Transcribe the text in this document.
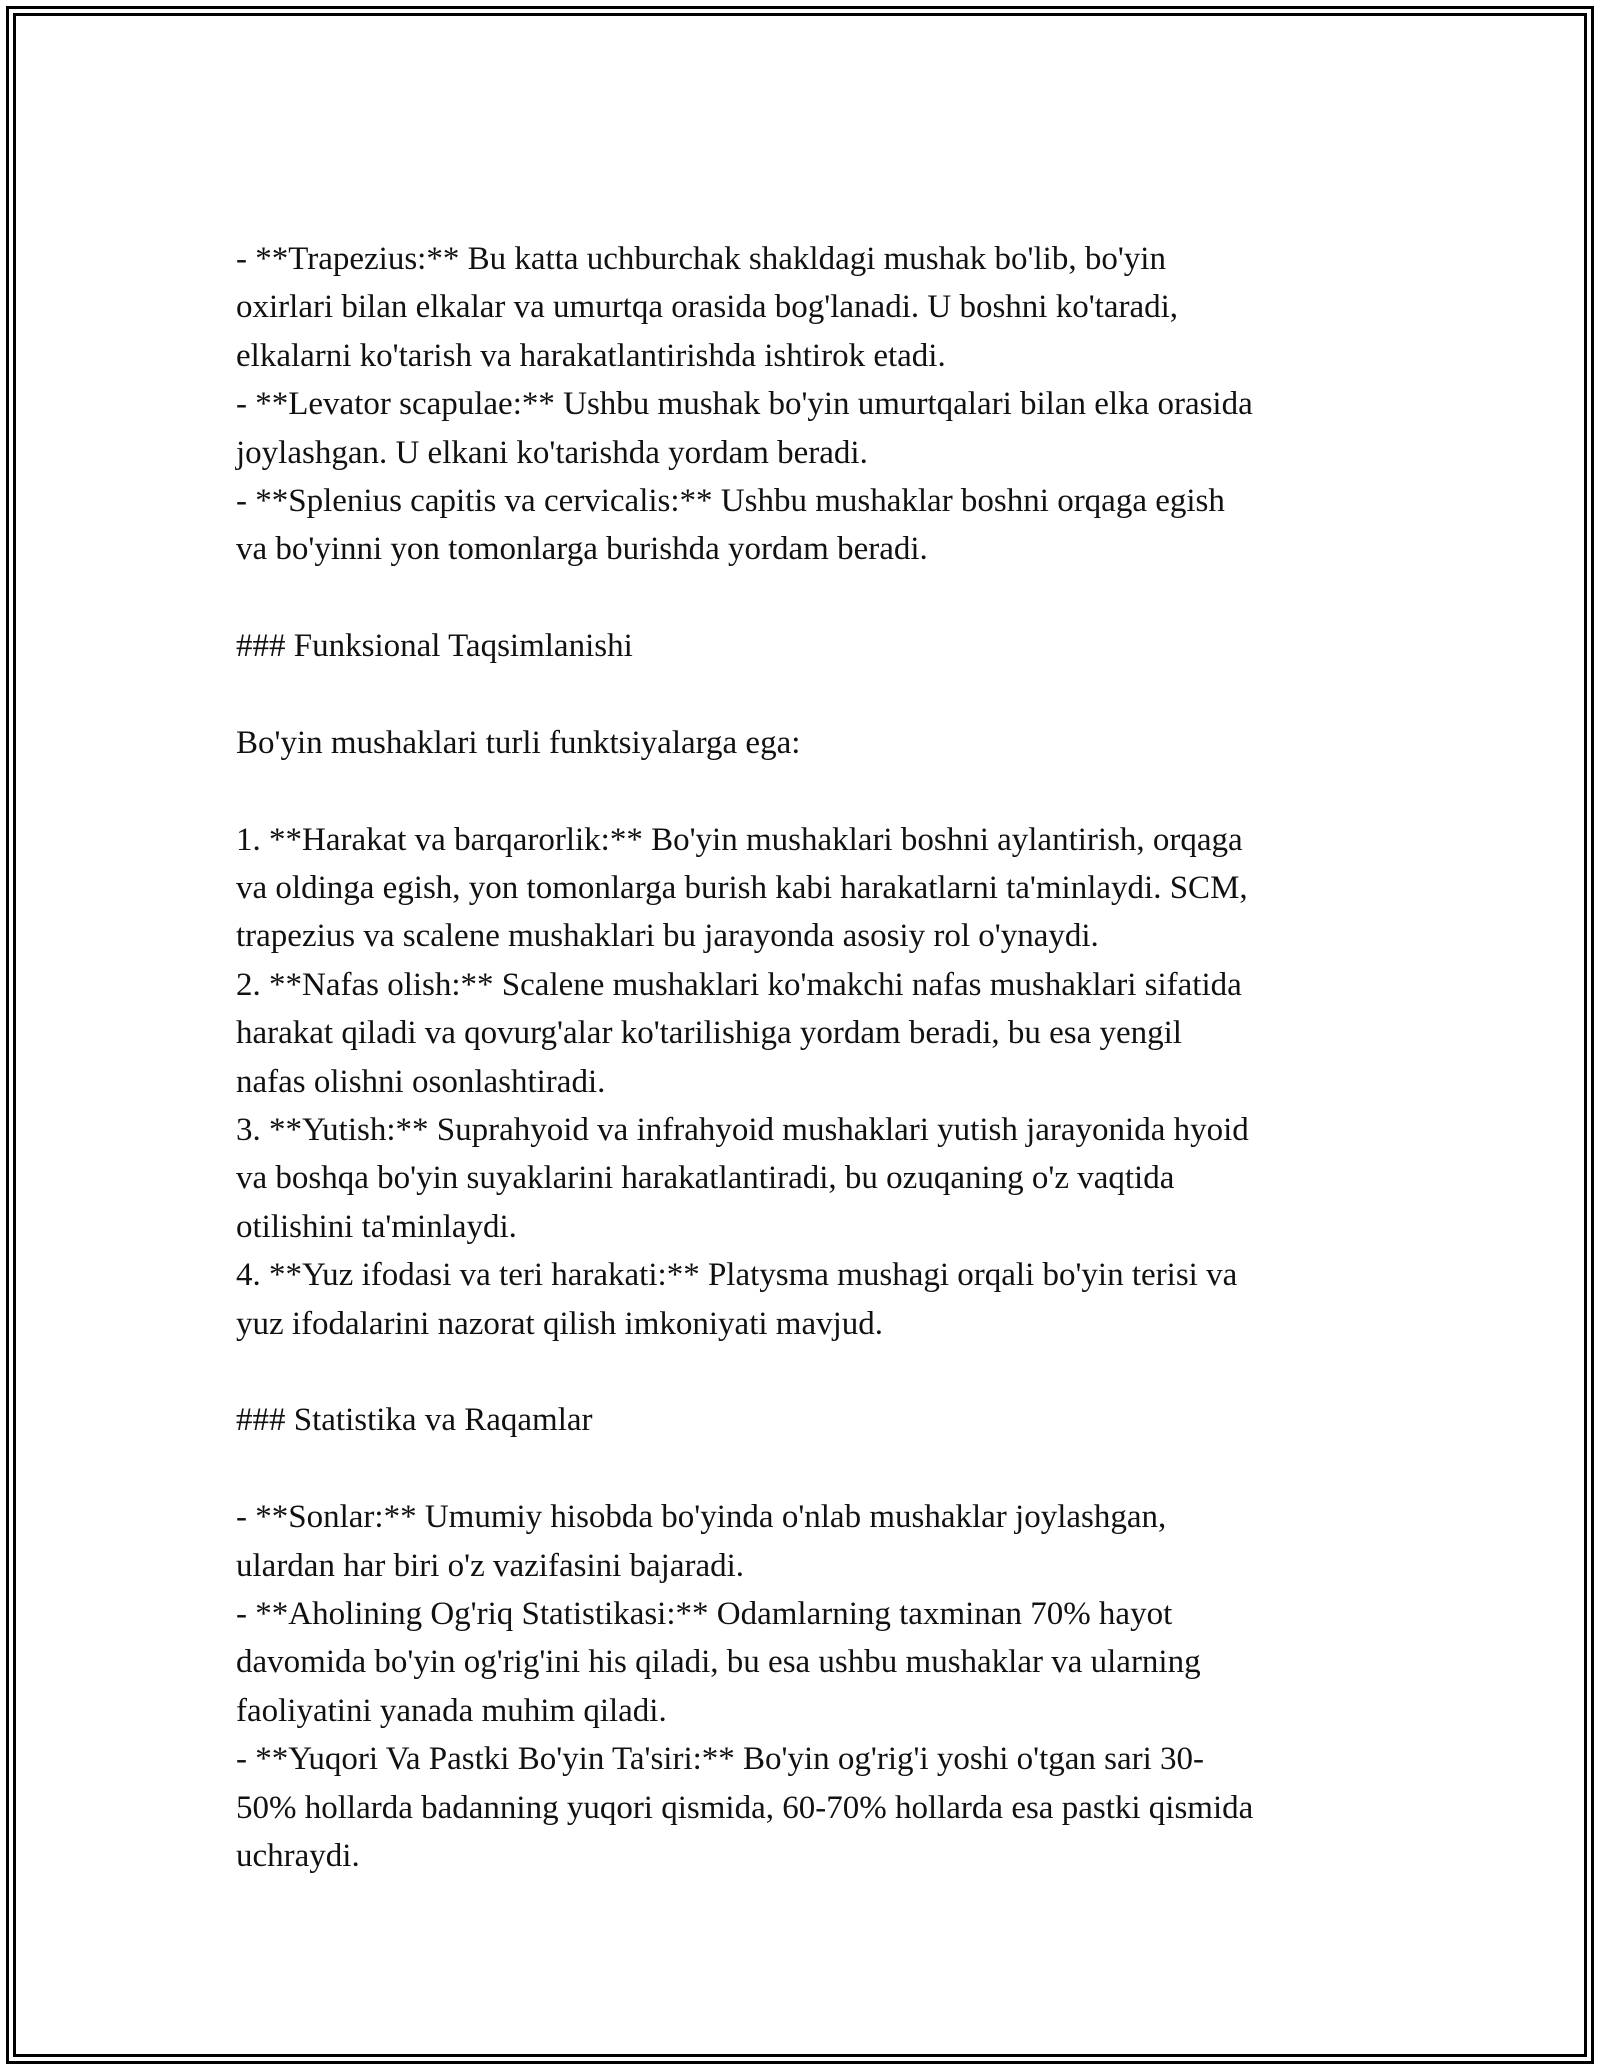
- **Trapezius:** Bu katta uchburchak shakldagi mushak bo'lib, bo'yin
oxirlari bilan elkalar va umurtqa orasida bog'lanadi. U boshni ko'taradi,
elkalarni ko'tarish va harakatlantirishda ishtirok etadi.
- **Levator scapulae:** Ushbu mushak bo'yin umurtqalari bilan elka orasida
joylashgan. U elkani ko'tarishda yordam beradi.
- **Splenius capitis va cervicalis:** Ushbu mushaklar boshni orqaga egish
va bo'yinni yon tomonlarga burishda yordam beradi.
### Funksional Taqsimlanishi
Bo'yin mushaklari turli funktsiyalarga ega:
1. **Harakat va barqarorlik:** Bo'yin mushaklari boshni aylantirish, orqaga
va oldinga egish, yon tomonlarga burish kabi harakatlarni ta'minlaydi. SCM,
trapezius va scalene mushaklari bu jarayonda asosiy rol o'ynaydi.
2. **Nafas olish:** Scalene mushaklari ko'makchi nafas mushaklari sifatida
harakat qiladi va qovurg'alar ko'tarilishiga yordam beradi, bu esa yengil
nafas olishni osonlashtiradi.
3. **Yutish:** Suprahyoid va infrahyoid mushaklari yutish jarayonida hyoid
va boshqa bo'yin suyaklarini harakatlantiradi, bu ozuqaning o'z vaqtida
otilishini ta'minlaydi.
4. **Yuz ifodasi va teri harakati:** Platysma mushagi orqali bo'yin terisi va
yuz ifodalarini nazorat qilish imkoniyati mavjud.
### Statistika va Raqamlar
- **Sonlar:** Umumiy hisobda bo'yinda o'nlab mushaklar joylashgan,
ulardan har biri o'z vazifasini bajaradi.
- **Aholining Og'riq Statistikasi:** Odamlarning taxminan 70% hayot
davomida bo'yin og'rig'ini his qiladi, bu esa ushbu mushaklar va ularning
faoliyatini yanada muhim qiladi.
- **Yuqori Va Pastki Bo'yin Ta'siri:** Bo'yin og'rig'i yoshi o'tgan sari 30-
50% hollarda badanning yuqori qismida, 60-70% hollarda esa pastki qismida
uchraydi.
